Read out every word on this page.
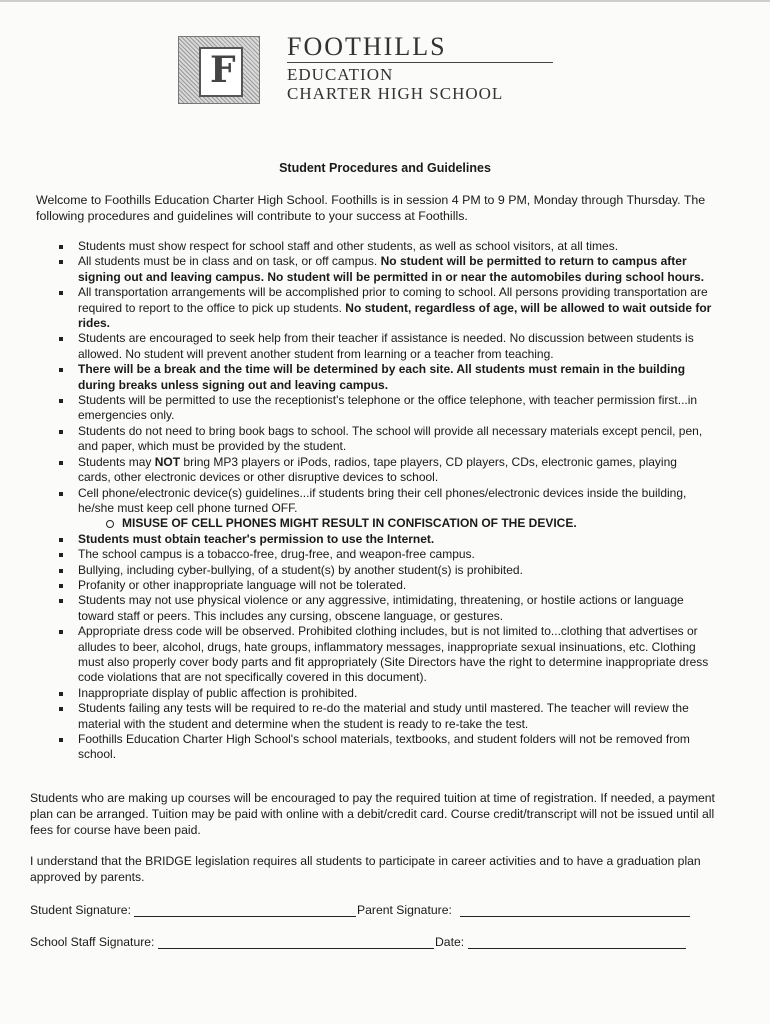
F
FOOTHILLS
EDUCATION
CHARTER HIGH SCHOOL
Student Procedures and Guidelines
Welcome to Foothills Education Charter High School. Foothills is in session 4 PM to 9 PM, Monday through Thursday. The following procedures and guidelines will contribute to your success at Foothills.
Students must show respect for school staff and other students, as well as school visitors, at all times.
All students must be in class and on task, or off campus. No student will be permitted to return to campus after signing out and leaving campus. No student will be permitted in or near the automobiles during school hours.
All transportation arrangements will be accomplished prior to coming to school. All persons providing transportation are required to report to the office to pick up students. No student, regardless of age, will be allowed to wait outside for rides.
Students are encouraged to seek help from their teacher if assistance is needed. No discussion between students is allowed. No student will prevent another student from learning or a teacher from teaching.
There will be a break and the time will be determined by each site. All students must remain in the building during breaks unless signing out and leaving campus.
Students will be permitted to use the receptionist's telephone or the office telephone, with teacher permission first...in emergencies only.
Students do not need to bring book bags to school. The school will provide all necessary materials except pencil, pen, and paper, which must be provided by the student.
Students may NOT bring MP3 players or iPods, radios, tape players, CD players, CDs, electronic games, playing cards, other electronic devices or other disruptive devices to school.
Cell phone/electronic device(s) guidelines...if students bring their cell phones/electronic devices inside the building, he/she must keep cell phone turned OFF.
MISUSE OF CELL PHONES MIGHT RESULT IN CONFISCATION OF THE DEVICE.
Students must obtain teacher's permission to use the Internet.
The school campus is a tobacco-free, drug-free, and weapon-free campus.
Bullying, including cyber-bullying, of a student(s) by another student(s) is prohibited.
Profanity or other inappropriate language will not be tolerated.
Students may not use physical violence or any aggressive, intimidating, threatening, or hostile actions or language toward staff or peers. This includes any cursing, obscene language, or gestures.
Appropriate dress code will be observed. Prohibited clothing includes, but is not limited to...clothing that advertises or alludes to beer, alcohol, drugs, hate groups, inflammatory messages, inappropriate sexual insinuations, etc. Clothing must also properly cover body parts and fit appropriately (Site Directors have the right to determine inappropriate dress code violations that are not specifically covered in this document).
Inappropriate display of public affection is prohibited.
Students failing any tests will be required to re-do the material and study until mastered. The teacher will review the material with the student and determine when the student is ready to re-take the test.
Foothills Education Charter High School's school materials, textbooks, and student folders will not be removed from school.
Students who are making up courses will be encouraged to pay the required tuition at time of registration. If needed, a payment plan can be arranged. Tuition may be paid with online with a debit/credit card. Course credit/transcript will not be issued until all fees for course have been paid.
I understand that the BRIDGE legislation requires all students to participate in career activities and to have a graduation plan approved by parents.
Student Signature:	Parent Signature:
School Staff Signature:	Date:
